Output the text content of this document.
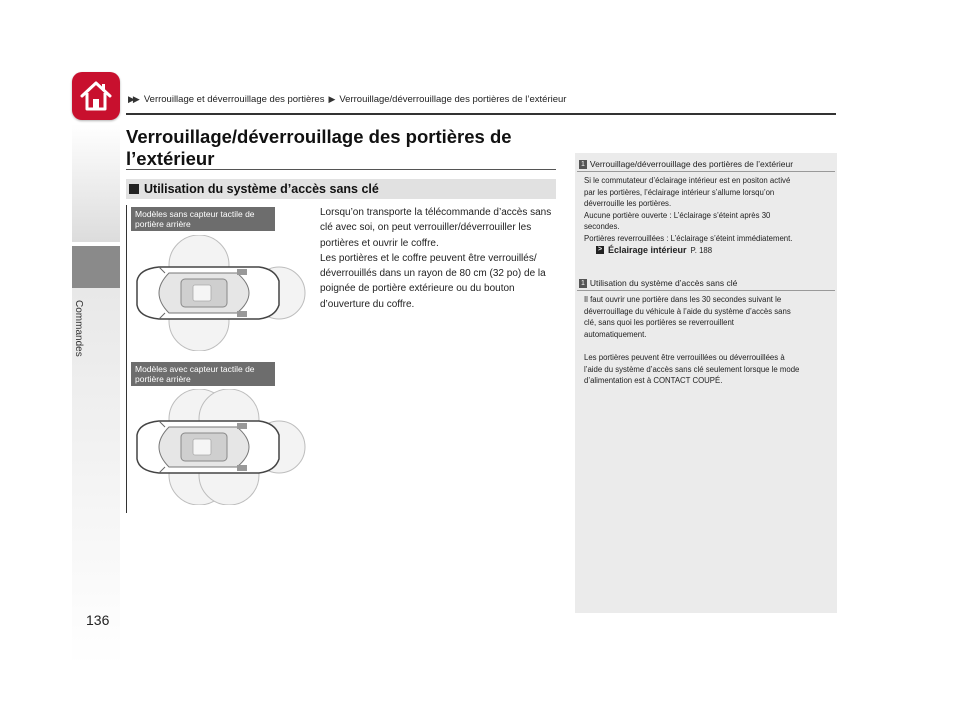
Commandes
▶▶ Verrouillage et déverrouillage des portières ▶ Verrouillage/déverrouillage des portières de l’extérieur
Verrouillage/déverrouillage des portières de
l’extérieur
Utilisation du système d’accès sans clé
Modèles sans capteur tactile de
portière arrière
Modèles avec capteur tactile de
portière arrière

Lorsqu’on transporte la télécommande d’accès sans
clé avec soi, on peut verrouiller/déverrouiller les
portières et ouvrir le coffre.

Les portières et le coffre peuvent être verrouillés/
déverrouillés dans un rayon de 80 cm (32 po) de la
poignée de portière extérieure ou du bouton
d’ouverture du coffre.

1 Verrouillage/déverrouillage des portières de l’extérieur

Si le commutateur d’éclairage intérieur est en positon activé
par les portières, l’éclairage intérieur s’allume lorsqu’on
déverrouille les portières.
Aucune portière ouverte : L’éclairage s’éteint après 30
secondes.
Portières reverrouillées : L’éclairage s’éteint immédiatement.

> Éclairage intérieur P. 188
1 Utilisation du système d’accès sans clé

Il faut ouvrir une portière dans les 30 secondes suivant le
déverrouillage du véhicule à l’aide du système d’accès sans
clé, sans quoi les portières se reverrouillent
automatiquement.

Les portières peuvent être verrouillées ou déverrouillées à
l’aide du système d’accès sans clé seulement lorsque le mode
d’alimentation est à CONTACT COUPÉ.

136
